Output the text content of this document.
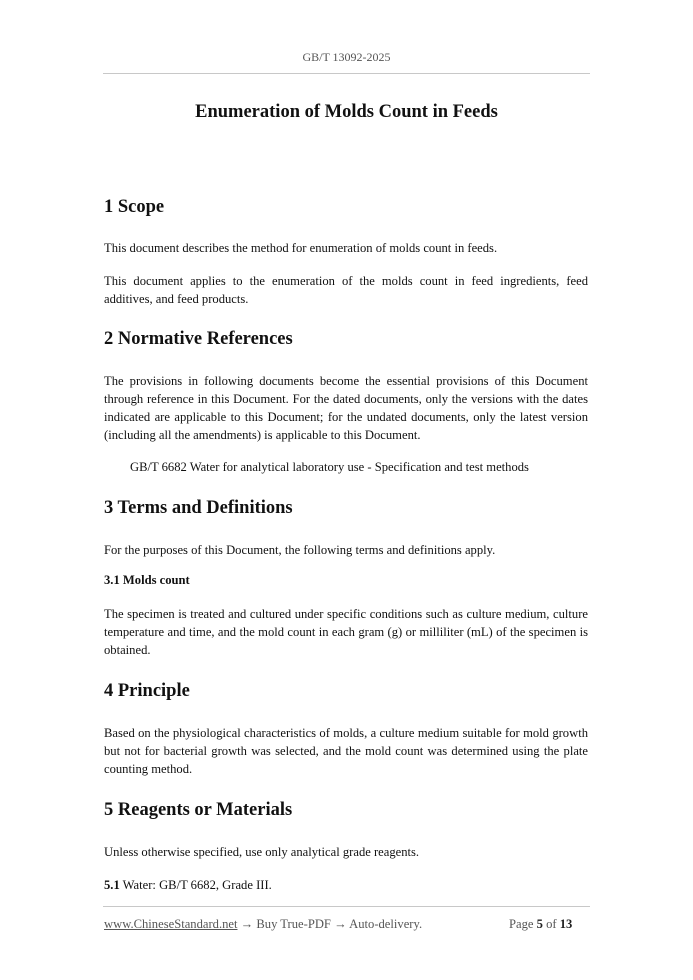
GB/T 13092-2025
Enumeration of Molds Count in Feeds
1 Scope
This document describes the method for enumeration of molds count in feeds.
This document applies to the enumeration of the molds count in feed ingredients, feed additives, and feed products.
2 Normative References
The provisions in following documents become the essential provisions of this Document through reference in this Document. For the dated documents, only the versions with the dates indicated are applicable to this Document; for the undated documents, only the latest version (including all the amendments) is applicable to this Document.
GB/T 6682 Water for analytical laboratory use - Specification and test methods
3 Terms and Definitions
For the purposes of this Document, the following terms and definitions apply.
3.1 Molds count
The specimen is treated and cultured under specific conditions such as culture medium, culture temperature and time, and the mold count in each gram (g) or milliliter (mL) of the specimen is obtained.
4 Principle
Based on the physiological characteristics of molds, a culture medium suitable for mold growth but not for bacterial growth was selected, and the mold count was determined using the plate counting method.
5 Reagents or Materials
Unless otherwise specified, use only analytical grade reagents.
5.1 Water: GB/T 6682, Grade III.
www.ChineseStandard.net → Buy True-PDF → Auto-delivery.	Page 5 of 13
